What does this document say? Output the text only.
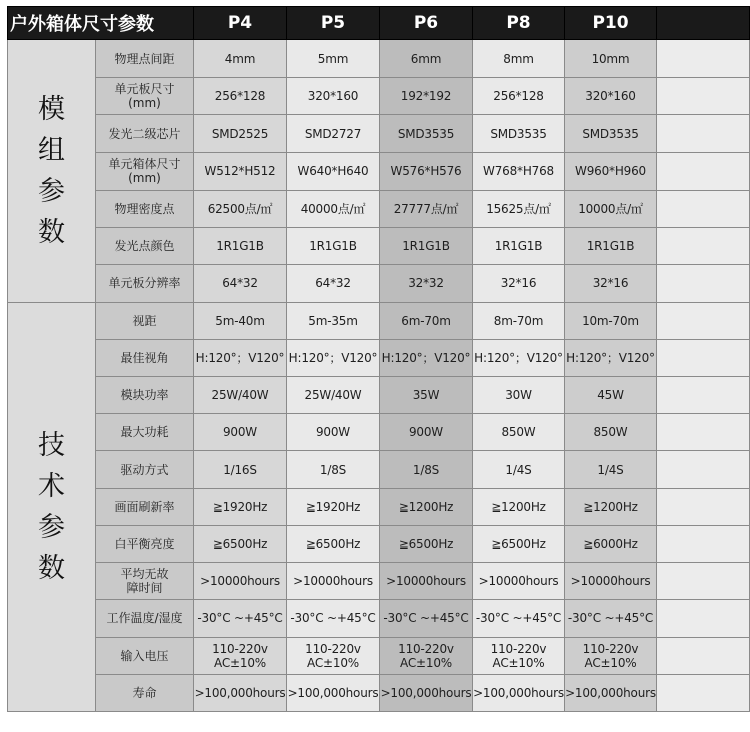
户外箱体尺寸参数		P4	P5	P6	P8	P10	

模
组
参
数	物理点间距	4mm	5mm	6mm	8mm	10mm	
	单元板尺寸
(mm)	256*128	320*160	192*192	256*128	320*160	
	发光二级芯片	SMD2525	SMD2727	SMD3535	SMD3535	SMD3535	
	单元箱体尺寸
(mm)	W512*H512	W640*H640	W576*H576	W768*H768	W960*H960	
	物理密度点	62500点/㎡	40000点/㎡	27777点/㎡	15625点/㎡	10000点/㎡	
	发光点颜色	1R1G1B	1R1G1B	1R1G1B	1R1G1B	1R1G1B	
	单元板分辨率	64*32	64*32	32*32	32*16	32*16	

技
术
参
数	视距	5m-40m	5m-35m	6m-70m	8m-70m	10m-70m	
	最佳视角	H:120°；V120°	H:120°；V120°	H:120°；V120°	H:120°；V120°	H:120°；V120°	
	模块功率	25W/40W	25W/40W	35W	30W	45W	
	最大功耗	900W	900W	900W	850W	850W	
	驱动方式	1/16S	1/8S	1/8S	1/4S	1/4S	
	画面刷新率	≧1920Hz	≧1920Hz	≧1200Hz	≧1200Hz	≧1200Hz	
	白平衡亮度	≧6500Hz	≧6500Hz	≧6500Hz	≧6500Hz	≧6000Hz	
	平均无故
障时间	>10000hours	>10000hours	>10000hours	>10000hours	>10000hours	
	工作温度/湿度	-30°C ~+45°C	-30°C ~+45°C	-30°C ~+45°C	-30°C ~+45°C	-30°C ~+45°C	
	输入电压	110-220v
AC±10%	110-220v
AC±10%	110-220v
AC±10%	110-220v
AC±10%	110-220v
AC±10%	
	寿命	>100,000hours	>100,000hours	>100,000hours	>100,000hours	>100,000hours	
